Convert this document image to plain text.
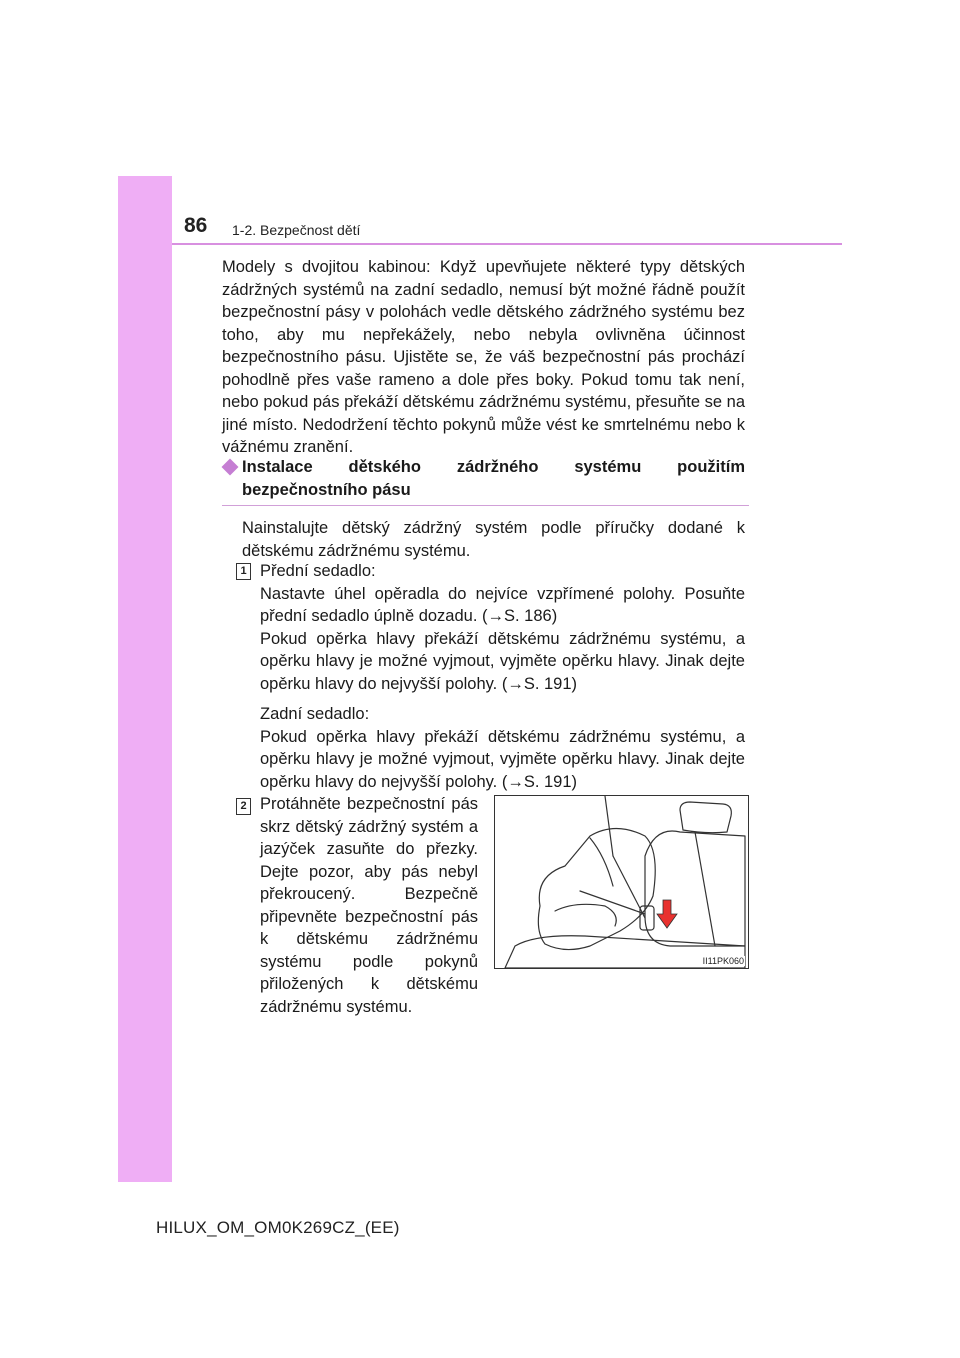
86 1-2. Bezpečnost dětí
Modely s dvojitou kabinou: Když upevňujete některé typy dětských zádržných systémů na zadní sedadlo, nemusí být možné řádně použít bezpečnostní pásy v polohách vedle dětského zádržného systému bez toho, aby mu nepřekážely, nebo nebyla ovlivněna účinnost bezpečnostního pásu. Ujistěte se, že váš bezpečnostní pás prochází pohodlně přes vaše rameno a dole přes boky. Pokud tomu tak není, nebo pokud pás překáží dětskému zádržnému systému, přesuňte se na jiné místo. Nedodržení těchto pokynů může vést ke smrtelnému nebo k vážnému zranění.
Instalace dětského zádržného systému použitím bezpečnostního pásu
Nainstalujte dětský zádržný systém podle příručky dodané k dětskému zádržnému systému.
1 Přední sedadlo:

Nastavte úhel opěradla do nejvíce vzpřímené polohy. Posuňte přední sedadlo úplně dozadu. (→S. 186)

Pokud opěrka hlavy překáží dětskému zádržnému systému, a opěrku hlavy je možné vyjmout, vyjměte opěrku hlavy. Jinak dejte opěrku hlavy do nejvyšší polohy. (→S. 191)

Zadní sedadlo:

Pokud opěrka hlavy překáží dětskému zádržnému systému, a opěrku hlavy je možné vyjmout, vyjměte opěrku hlavy. Jinak dejte opěrku hlavy do nejvyšší polohy. (→S. 191)

2 Protáhněte bezpečnostní pás skrz dětský zádržný systém a jazýček zasuňte do přezky. Dejte pozor, aby pás nebyl překroucený. Bezpečně připevněte bezpečnostní pás k dětskému zádržnému systému podle pokynů přiložených k dětskému zádržnému systému.
II11PK060
HILUX_OM_OM0K269CZ_(EE)
